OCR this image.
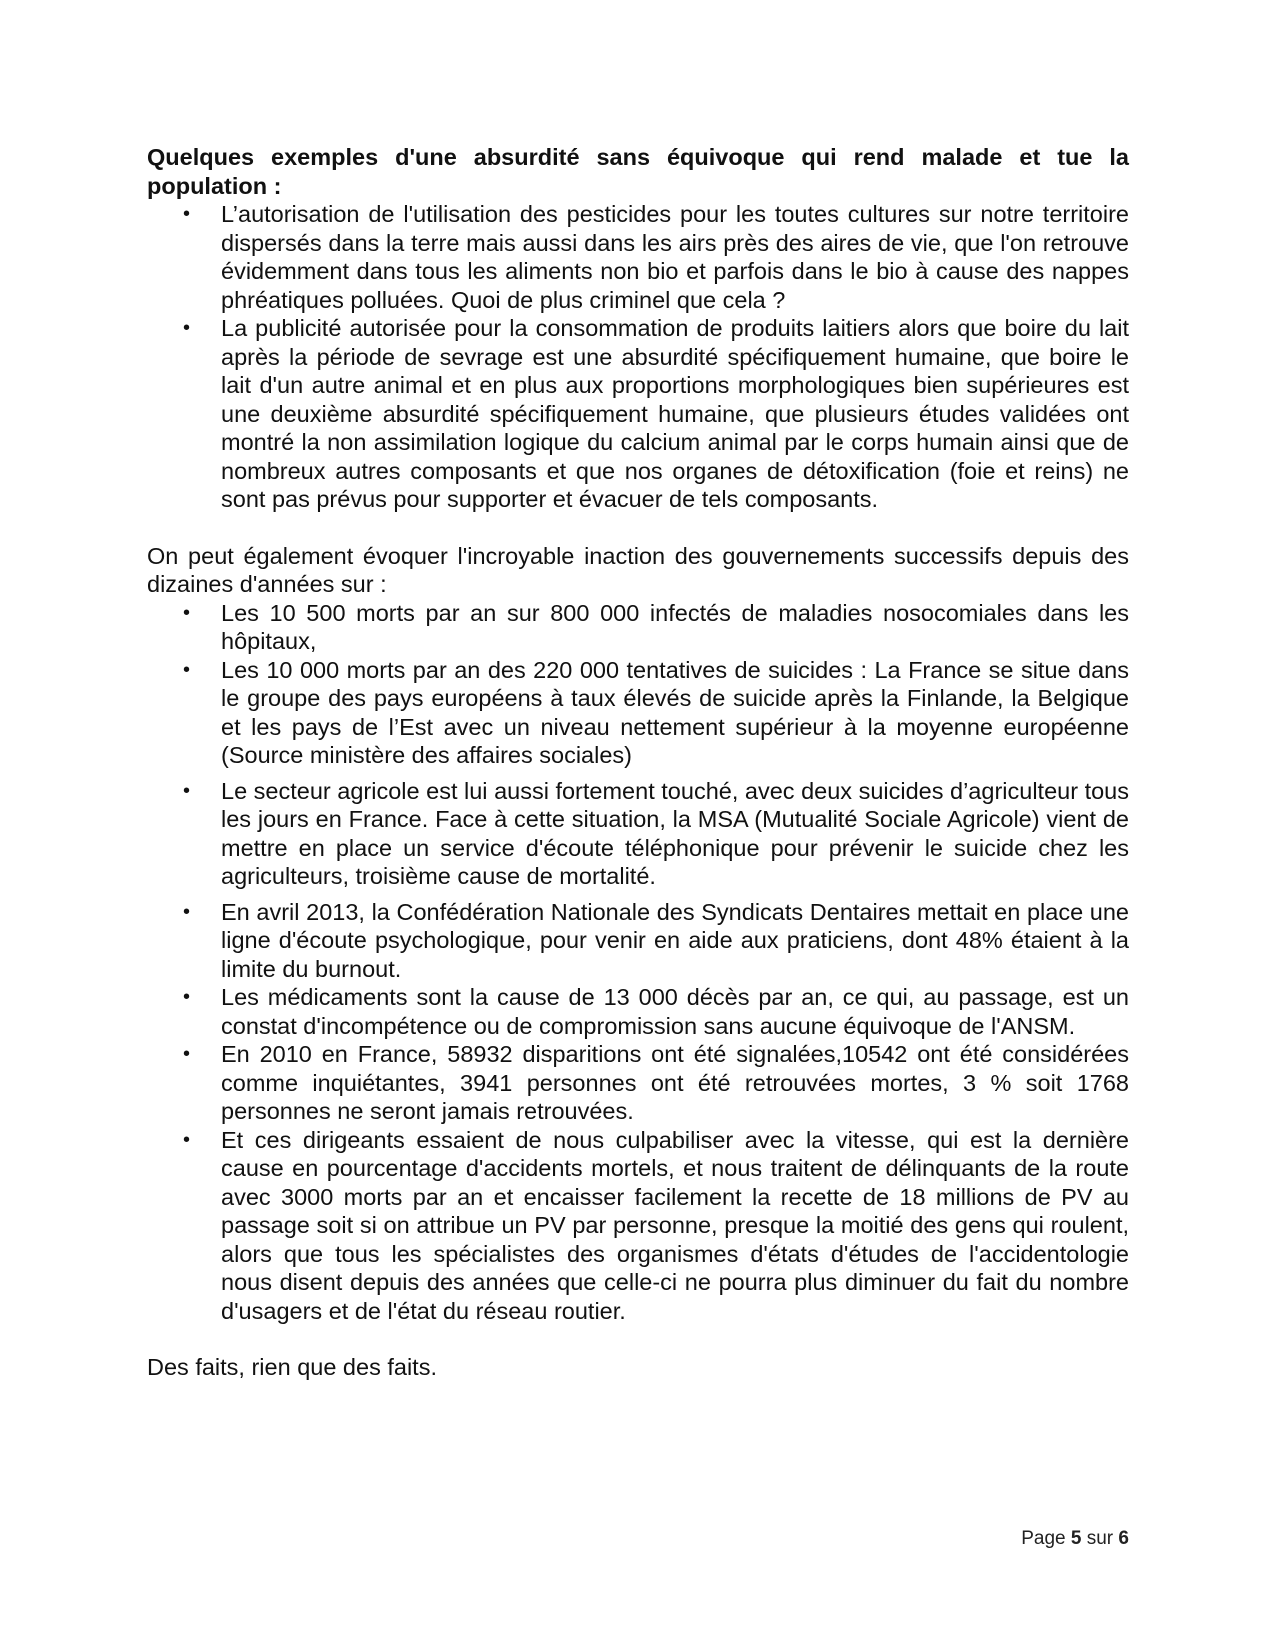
Quelques exemples d'une absurdité sans équivoque qui rend malade et tue la population :

•	L’autorisation de l'utilisation des pesticides pour les toutes cultures sur notre territoire dispersés dans la terre mais aussi dans les airs près des aires de vie, que l'on retrouve évidemment dans tous les aliments non bio et parfois dans le bio à cause des nappes phréatiques polluées. Quoi de plus criminel que cela ?
•	La publicité autorisée pour la consommation de produits laitiers alors que boire du lait après la période de sevrage est une absurdité spécifiquement humaine, que boire le lait d'un autre animal et en plus aux proportions morphologiques bien supérieures est une deuxième absurdité spécifiquement humaine, que plusieurs études validées ont montré la non assimilation logique du calcium animal par le corps humain ainsi que de nombreux autres composants et que nos organes de détoxification (foie et reins) ne sont pas prévus pour supporter et évacuer de tels composants.

On peut également évoquer l'incroyable inaction des gouvernements successifs depuis des dizaines d'années sur :

•	Les 10 500 morts par an sur 800 000 infectés de maladies nosocomiales dans les hôpitaux,
•	Les 10 000 morts par an des 220 000 tentatives de suicides : La France se situe dans le groupe des pays européens à taux élevés de suicide après la Finlande, la Belgique et les pays de l’Est avec un niveau nettement supérieur à la moyenne européenne (Source ministère des affaires sociales)
•	Le secteur agricole est lui aussi fortement touché, avec deux suicides d’agriculteur tous les jours en France. Face à cette situation, la MSA (Mutualité Sociale Agricole) vient de mettre en place un service d'écoute téléphonique pour prévenir le suicide chez les agriculteurs, troisième cause de mortalité.
•	En avril 2013, la Confédération Nationale des Syndicats Dentaires mettait en place une ligne d'écoute psychologique, pour venir en aide aux praticiens, dont 48% étaient à la limite du burnout.
•	Les médicaments sont la cause de 13 000 décès par an, ce qui, au passage, est un constat d'incompétence ou de compromission sans aucune équivoque de l'ANSM.
•	En 2010 en France, 58932 disparitions ont été signalées,10542 ont été considérées comme inquiétantes, 3941 personnes ont été retrouvées mortes, 3 % soit 1768 personnes ne seront jamais retrouvées.
•	Et ces dirigeants essaient de nous culpabiliser avec la vitesse, qui est la dernière cause en pourcentage d'accidents mortels, et nous traitent de délinquants de la route avec 3000 morts par an et encaisser facilement la recette de 18 millions de PV au passage soit si on attribue un PV par personne, presque la moitié des gens qui roulent, alors que tous les spécialistes des organismes d'états d'études de l'accidentologie nous disent depuis des années que celle-ci ne pourra plus diminuer du fait du nombre d'usagers et de l'état du réseau routier.

Des faits, rien que des faits.

Page 5 sur 6
